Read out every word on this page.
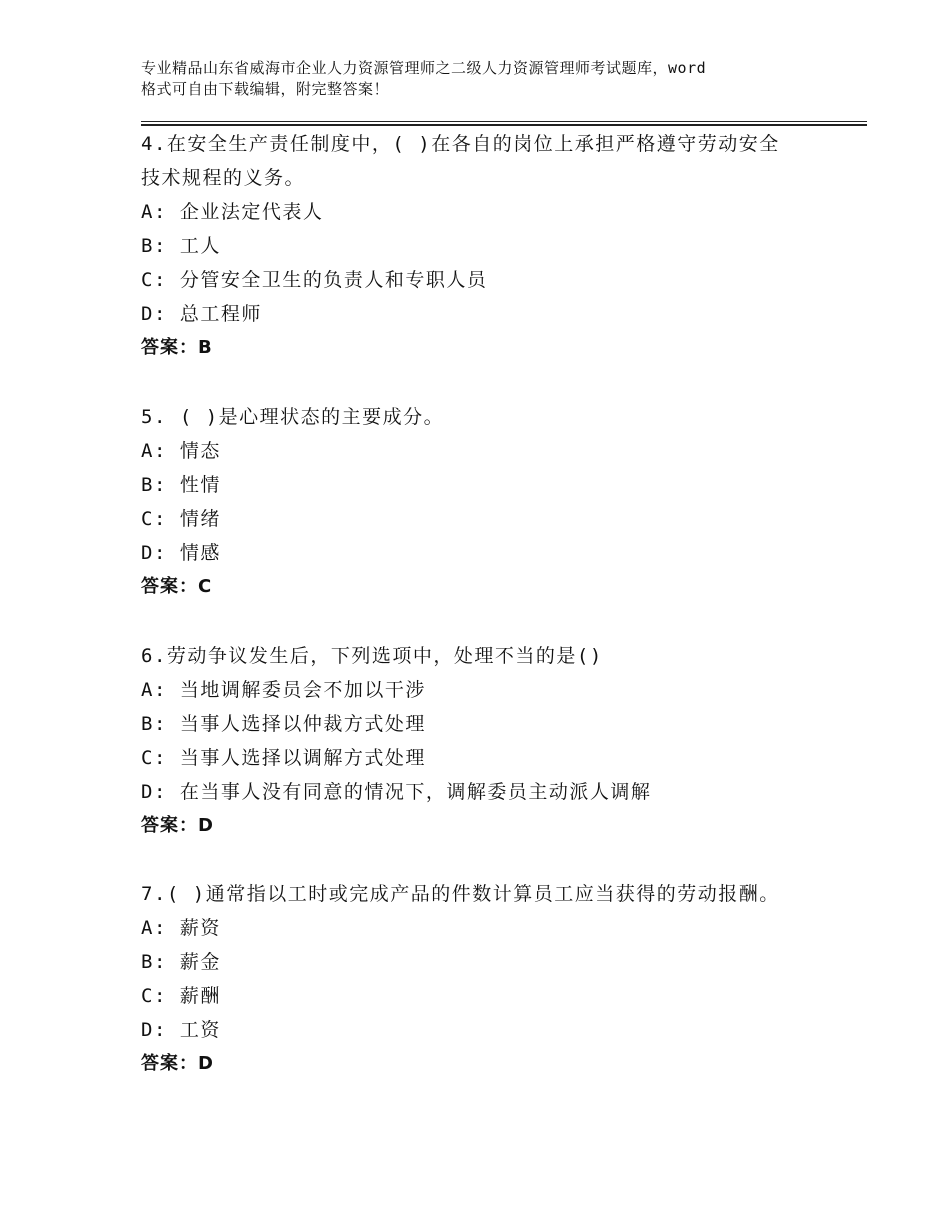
专业精品山东省威海市企业人力资源管理师之二级人力资源管理师考试题库，word
格式可自由下载编辑，附完整答案！
4.在安全生产责任制度中，( )在各自的岗位上承担严格遵守劳动安全
技术规程的义务。
A: 企业法定代表人
B: 工人
C: 分管安全卫生的负责人和专职人员
D: 总工程师
答案：B
5. ( )是心理状态的主要成分。
A: 情态
B: 性情
C: 情绪
D: 情感
答案：C
6.劳动争议发生后，下列选项中，处理不当的是()
A: 当地调解委员会不加以干涉
B: 当事人选择以仲裁方式处理
C: 当事人选择以调解方式处理
D: 在当事人没有同意的情况下，调解委员主动派人调解
答案：D
7.( )通常指以工时或完成产品的件数计算员工应当获得的劳动报酬。
A: 薪资
B: 薪金
C: 薪酬
D: 工资
答案：D
